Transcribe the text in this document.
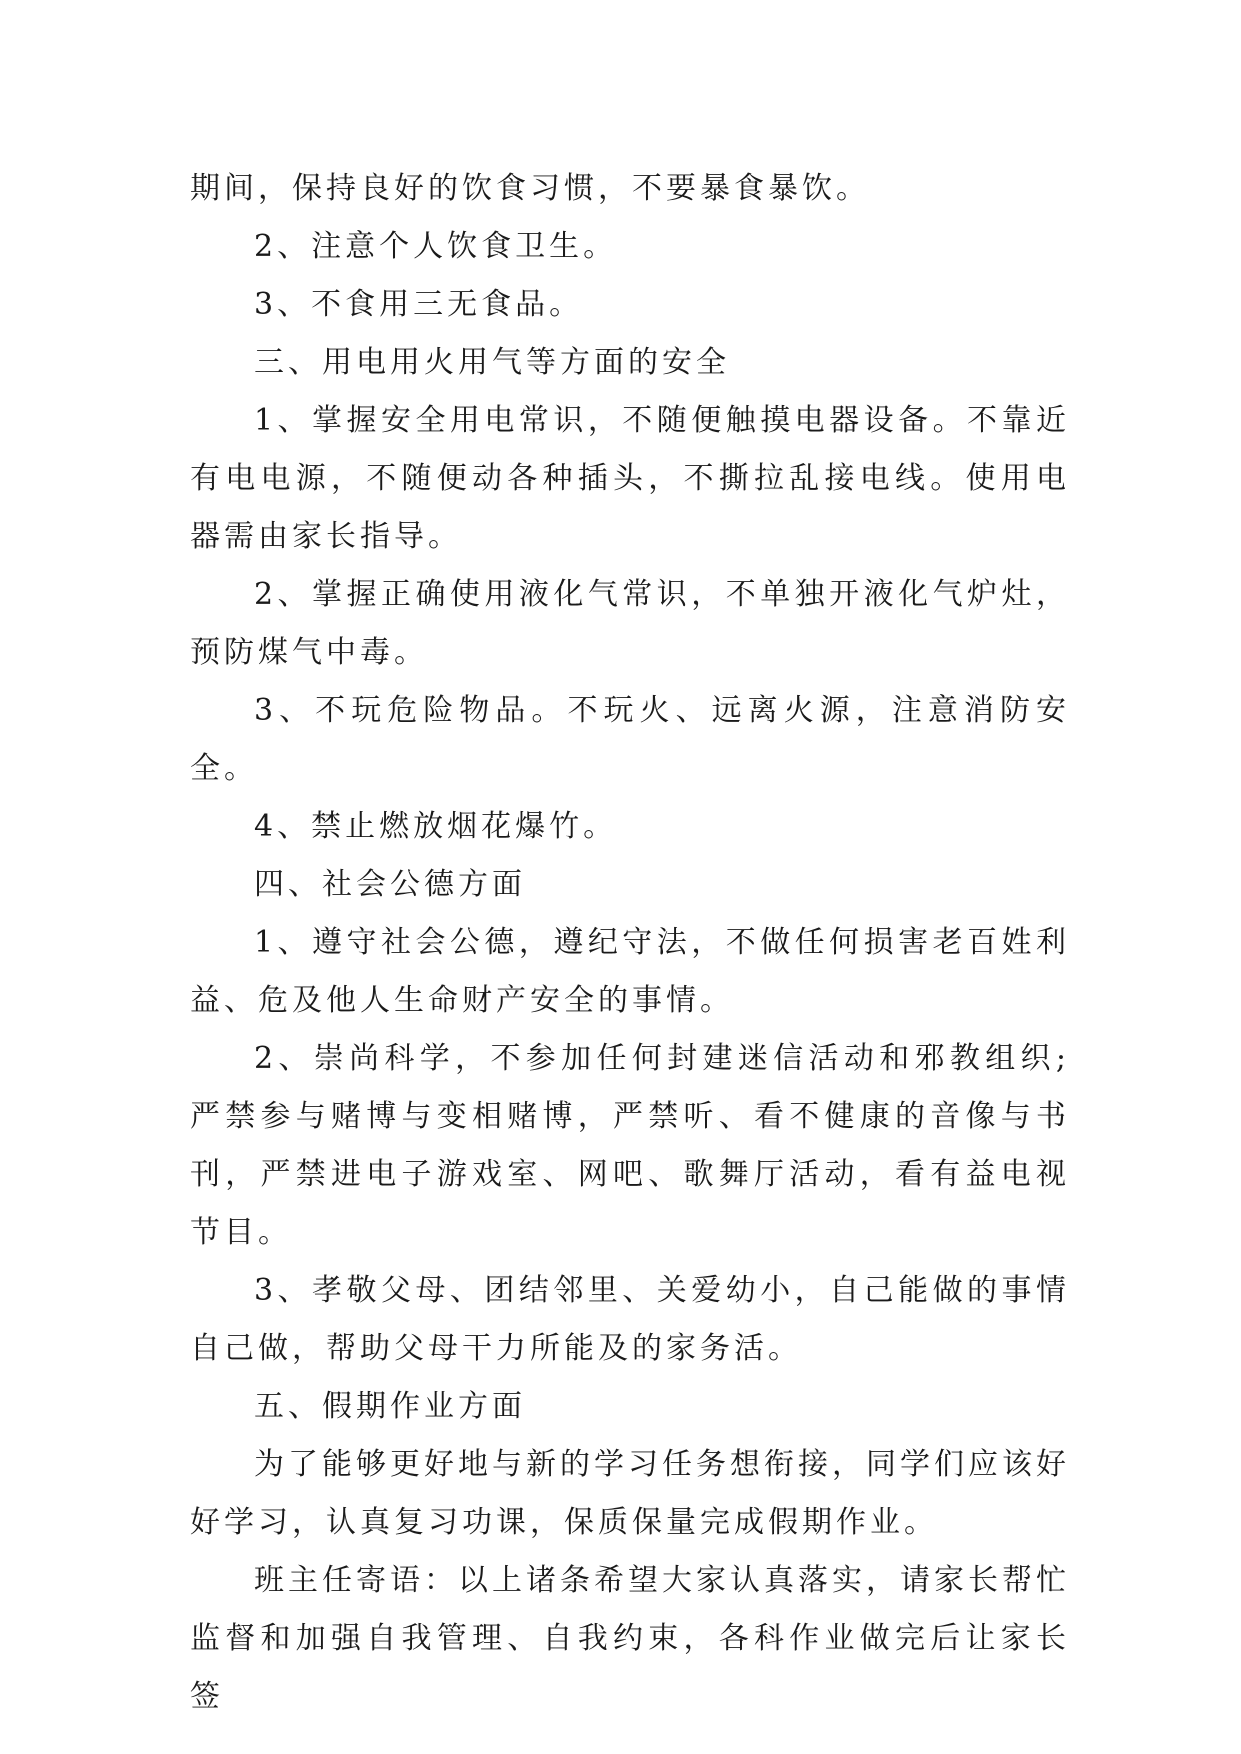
期间，保持良好的饮食习惯，不要暴食暴饮。

2、注意个人饮食卫生。

3、不食用三无食品。

三、用电用火用气等方面的安全

1、掌握安全用电常识，不随便触摸电器设备。不靠近有电电源，不随便动各种插头，不撕拉乱接电线。使用电器需由家长指导。

2、掌握正确使用液化气常识，不单独开液化气炉灶，预防煤气中毒。

3、不玩危险物品。不玩火、远离火源，注意消防安全。

4、禁止燃放烟花爆竹。

四、社会公德方面

1、遵守社会公德，遵纪守法，不做任何损害老百姓利益、危及他人生命财产安全的事情。

2、崇尚科学，不参加任何封建迷信活动和邪教组织;严禁参与赌博与变相赌博，严禁听、看不健康的音像与书刊，严禁进电子游戏室、网吧、歌舞厅活动，看有益电视节目。

3、孝敬父母、团结邻里、关爱幼小，自己能做的事情自己做，帮助父母干力所能及的家务活。

五、假期作业方面

为了能够更好地与新的学习任务想衔接，同学们应该好好学习，认真复习功课，保质保量完成假期作业。

班主任寄语：以上诸条希望大家认真落实，请家长帮忙监督和加强自我管理、自我约束，各科作业做完后让家长签
